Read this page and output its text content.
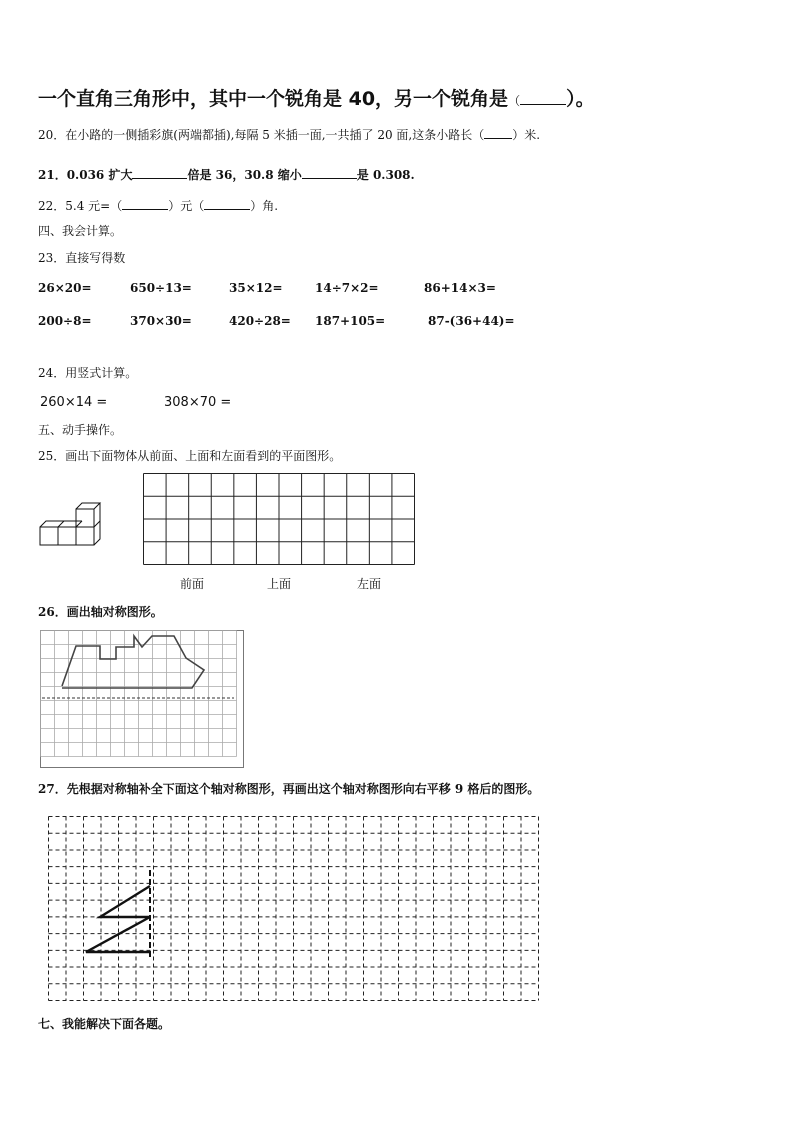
一个直角三角形中，其中一个锐角是 40，另一个锐角是（ ）。
20．在小路的一侧插彩旗(两端都插),每隔 5 米插一面,一共插了 20 面,这条小路长（ ）米.
21．0.036 扩大	倍是 36，30.8 缩小	是 0.308.
22．5.4 元=（	）元（	）角.
四、我会计算。
23．直接写得数
26×20=	650÷13=	35×12=	14÷7×2=	86+14×3=
200÷8=	370×30=	420÷28= 187+105=	87-(36+44)=
24．用竖式计算。
260×14 =	308×70 =
五、动手操作。
25．画出下面物体从前面、上面和左面看到的平面图形。
前面	上面	左面
26．画出轴对称图形。
27．先根据对称轴补全下面这个轴对称图形，再画出这个轴对称图形向右平移 9 格后的图形。
七、我能解决下面各题。
